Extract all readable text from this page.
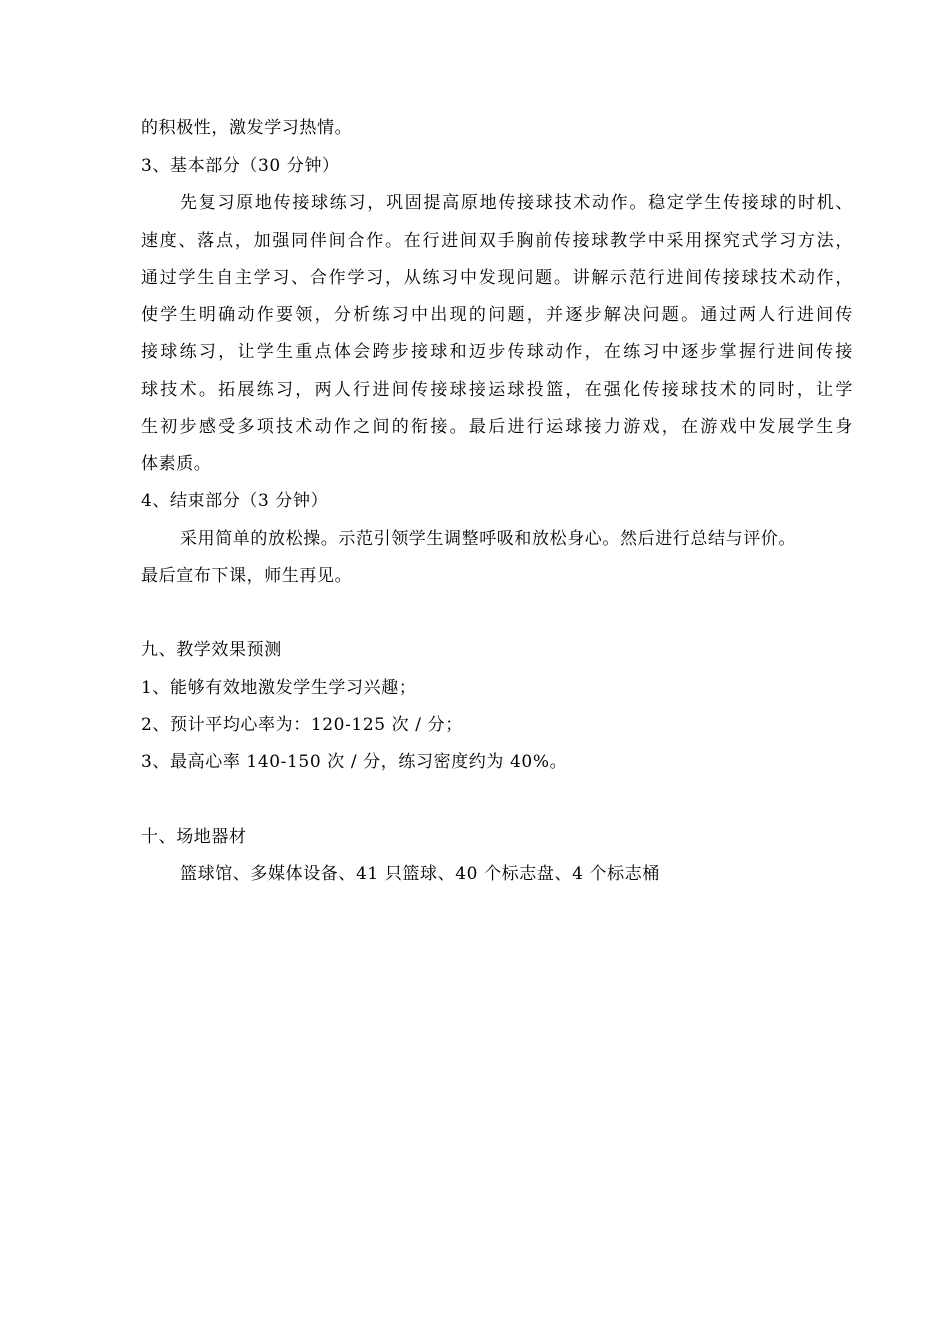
的积极性，激发学习热情。
3、基本部分（30 分钟）
先复习原地传接球练习，巩固提高原地传接球技术动作。稳定学生传接球的时机、
速度、落点，加强同伴间合作。在行进间双手胸前传接球教学中采用探究式学习方法，
通过学生自主学习、合作学习，从练习中发现问题。讲解示范行进间传接球技术动作，
使学生明确动作要领，分析练习中出现的问题，并逐步解决问题。通过两人行进间传
接球练习，让学生重点体会跨步接球和迈步传球动作，在练习中逐步掌握行进间传接
球技术。拓展练习，两人行进间传接球接运球投篮，在强化传接球技术的同时，让学
生初步感受多项技术动作之间的衔接。最后进行运球接力游戏，在游戏中发展学生身
体素质。
4、结束部分（3 分钟）
采用简单的放松操。示范引领学生调整呼吸和放松身心。然后进行总结与评价。
最后宣布下课，师生再见。
九、教学效果预测
1、能够有效地激发学生学习兴趣；
2、预计平均心率为：120-125 次 / 分；
3、最高心率 140-150 次 / 分，练习密度约为 40%。
十、场地器材
篮球馆、多媒体设备、41 只篮球、40 个标志盘、4 个标志桶
